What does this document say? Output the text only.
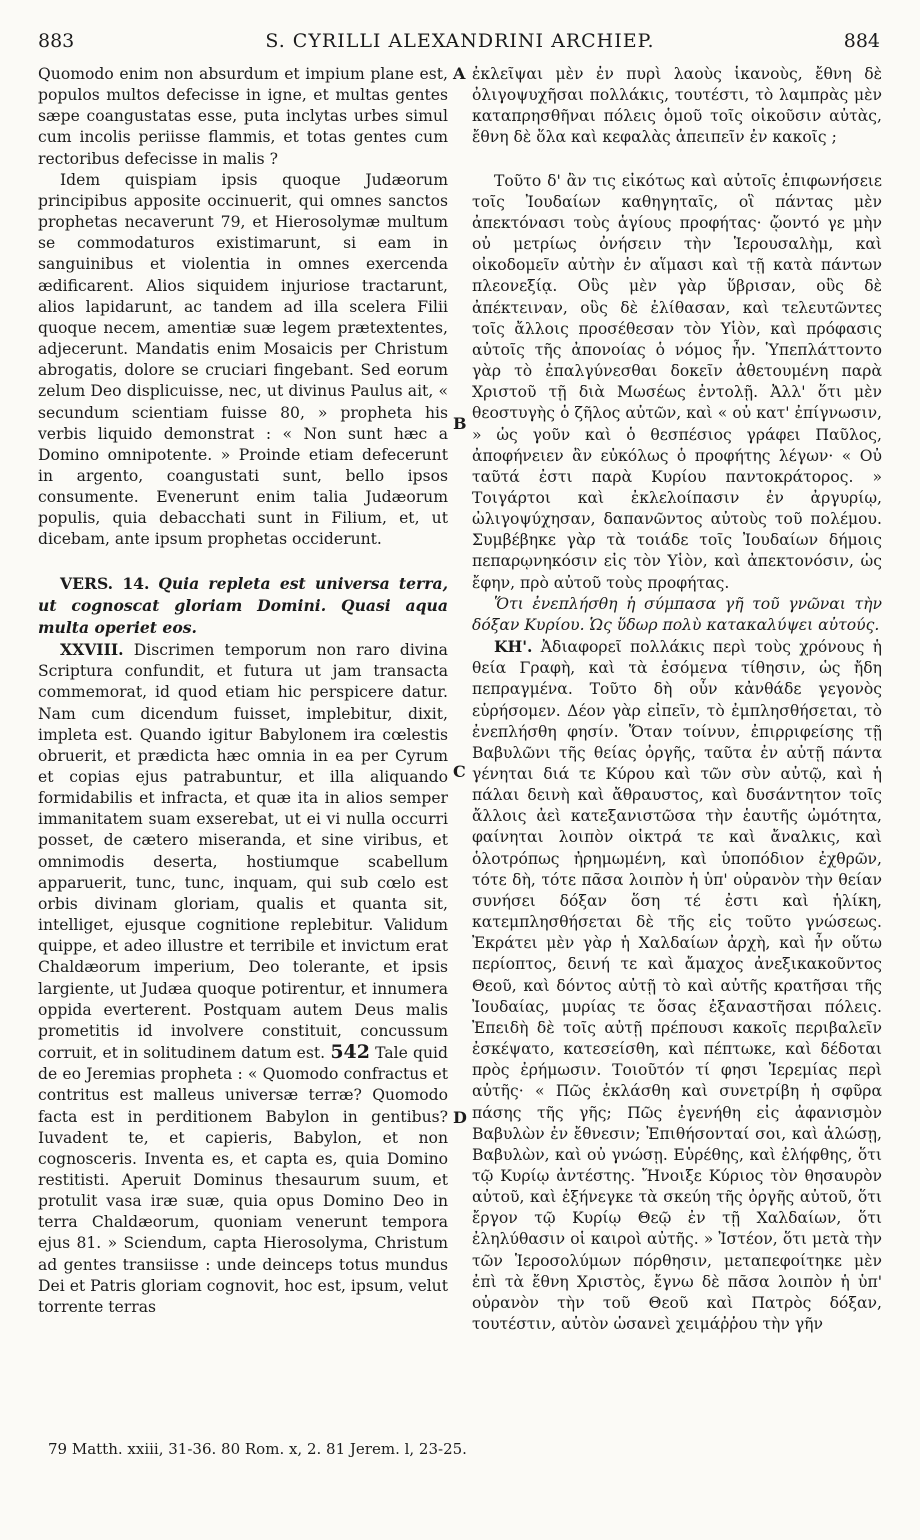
883	S. CYRILLI ALEXANDRINI ARCHIEP.	884

Quomodo enim non absurdum et impium plane est, populos multos defecisse in igne, et multas gentes sæpe coangustatas esse, puta inclytas urbes simul cum incolis periisse flammis, et totas gentes cum rectoribus defecisse in malis ?

Idem quispiam ipsis quoque Judæorum principibus apposite occinuerit, qui omnes sanctos prophetas necaverunt 79, et Hierosolymæ multum se commodaturos existimarunt, si eam in sanguinibus et violentia in omnes exercenda ædificarent. Alios siquidem injuriose tractarunt, alios lapidarunt, ac tandem ad illa scelera Filii quoque necem, amentiæ suæ legem prætextentes, adjecerunt. Mandatis enim Mosaicis per Christum abrogatis, dolore se cruciari fingebant. Sed eorum zelum Deo displicuisse, nec, ut divinus Paulus ait, « secundum scientiam fuisse 80, » propheta his verbis liquido demonstrat : « Non sunt hæc a Domino omnipotente. » Proinde etiam defecerunt in argento, coangustati sunt, bello ipsos consumente. Evenerunt enim talia Judæorum populis, quia debacchati sunt in Filium, et, ut dicebam, ante ipsum prophetas occiderunt.

VERS. 14. Quia repleta est universa terra, ut cognoscat gloriam Domini. Quasi aqua multa operiet eos.

XXVIII. Discrimen temporum non raro divina Scriptura confundit, et futura ut jam transacta commemorat, id quod etiam hic perspicere datur. Nam cum dicendum fuisset, implebitur, dixit, impleta est. Quando igitur Babylonem ira cœlestis obruerit, et prædicta hæc omnia in ea per Cyrum et copias ejus patrabuntur, et illa aliquando formidabilis et infracta, et quæ ita in alios semper immanitatem suam exserebat, ut ei vi nulla occurri posset, de cætero miseranda, et sine viribus, et omnimodis deserta, hostiumque scabellum apparuerit, tunc, tunc, inquam, qui sub cœlo est orbis divinam gloriam, qualis et quanta sit, intelliget, ejusque cognitione replebitur. Validum quippe, et adeo illustre et terribile et invictum erat Chaldæorum imperium, Deo tolerante, et ipsis largiente, ut Judæa quoque potirentur, et innumera oppida everterent. Postquam autem Deus malis prometitis id involvere constituit, concussum corruit, et in solitudinem datum est. 542 Tale quid de eo Jeremias propheta : « Quomodo confractus et contritus est malleus universæ terræ? Quomodo facta est in perditionem Babylon in gentibus? Iuvadent te, et capieris, Babylon, et non cognosceris. Inventa es, et capta es, quia Domino restitisti. Aperuit Dominus thesaurum suum, et protulit vasa iræ suæ, quia opus Domino Deo in terra Chaldæorum, quoniam venerunt tempora ejus 81. » Sciendum, capta Hierosolyma, Christum ad gentes transiisse : unde deinceps totus mundus Dei et Patris gloriam cognovit, hoc est, ipsum, velut torrente terras

A
B
C
D

ἐκλεῖψαι μὲν ἐν πυρὶ λαοὺς ἱκανοὺς, ἔθνη δὲ ὀλιγοψυχῆσαι πολλάκις, τουτέστι, τὸ λαμπρὰς μὲν καταπρησθῆναι πόλεις ὁμοῦ τοῖς οἰκοῦσιν αὐτὰς, ἔθνη δὲ ὅλα καὶ κεφαλὰς ἀπειπεῖν ἐν κακοῖς ;

Τοῦτο δ' ἂν τις εἰκότως καὶ αὐτοῖς ἐπιφωνήσειε τοῖς Ἰουδαίων καθηγηταῖς, οἳ πάντας μὲν ἀπεκτόνασι τοὺς ἁγίους προφήτας· ᾤοντό γε μὴν οὐ μετρίως ὀνήσειν τὴν Ἱερουσαλὴμ, καὶ οἰκοδομεῖν αὐτὴν ἐν αἵμασι καὶ τῇ κατὰ πάντων πλεονεξίᾳ. Οὓς μὲν γὰρ ὕβρισαν, οὓς δὲ ἀπέκτειναν, οὓς δὲ ἐλίθασαν, καὶ τελευτῶντες τοῖς ἄλλοις προσέθεσαν τὸν Υἱὸν, καὶ πρόφασις αὐτοῖς τῆς ἀπονοίας ὁ νόμος ἦν. Ὑπεπλάττοντο γὰρ τὸ ἐπαλγύνεσθαι δοκεῖν ἀθετουμένη παρὰ Χριστοῦ τῇ διὰ Μωσέως ἐντολῇ. Ἀλλ' ὅτι μὲν θεοστυγὴς ὁ ζῆλος αὐτῶν, καὶ « οὐ κατ' ἐπίγνωσιν, » ὡς γοῦν καὶ ὁ θεσπέσιος γράφει Παῦλος, ἀποφήνειεν ἂν εὐκόλως ὁ προφήτης λέγων· « Οὐ ταῦτά ἐστι παρὰ Κυρίου παντοκράτορος. » Τοιγάρτοι καὶ ἐκλελοίπασιν ἐν ἀργυρίῳ, ὠλιγοψύχησαν, δαπανῶντος αὐτοὺς τοῦ πολέμου. Συμβέβηκε γὰρ τὰ τοιάδε τοῖς Ἰουδαίων δήμοις πεπαρῳνηκόσιν εἰς τὸν Υἱὸν, καὶ ἀπεκτονόσιν, ὡς ἔφην, πρὸ αὐτοῦ τοὺς προφήτας.

Ὅτι ἐνεπλήσθη ἡ σύμπασα γῆ τοῦ γνῶναι τὴν δόξαν Κυρίου. Ὡς ὕδωρ πολὺ κατακαλύψει αὐτούς.

ΚΗ'. Ἀδιαφορεῖ πολλάκις περὶ τοὺς χρόνους ἡ θεία Γραφὴ, καὶ τὰ ἐσόμενα τίθησιν, ὡς ἤδη πεπραγμένα. Τοῦτο δὴ οὖν κἀνθάδε γεγονὸς εὑρήσομεν. Δέον γὰρ εἰπεῖν, τὸ ἐμπλησθήσεται, τὸ ἐνεπλήσθη φησίν. Ὅταν τοίνυν, ἐπιρριφείσης τῇ Βαβυλῶνι τῆς θείας ὀργῆς, ταῦτα ἐν αὐτῇ πάντα γένηται διά τε Κύρου καὶ τῶν σὺν αὐτῷ, καὶ ἡ πάλαι δεινὴ καὶ ἄθραυστος, καὶ δυσάντητον τοῖς ἄλλοις ἀεὶ κατεξανιστῶσα τὴν ἑαυτῆς ὠμότητα, φαίνηται λοιπὸν οἰκτρά τε καὶ ἄναλκις, καὶ ὁλοτρόπως ἠρημωμένη, καὶ ὑποπόδιον ἐχθρῶν, τότε δὴ, τότε πᾶσα λοιπὸν ἡ ὑπ' οὐρανὸν τὴν θείαν συνήσει δόξαν ὅση τέ ἐστι καὶ ἡλίκη, κατεμπλησθήσεται δὲ τῆς εἰς τοῦτο γνώσεως. Ἐκράτει μὲν γὰρ ἡ Χαλδαίων ἀρχὴ, καὶ ἦν οὕτω περίοπτος, δεινή τε καὶ ἄμαχος ἀνεξικακοῦντος Θεοῦ, καὶ δόντος αὐτῇ τὸ καὶ αὐτῆς κρατῆσαι τῆς Ἰουδαίας, μυρίας τε ὅσας ἐξαναστῆσαι πόλεις. Ἐπειδὴ δὲ τοῖς αὐτῇ πρέπουσι κακοῖς περιβαλεῖν ἐσκέψατο, κατεσείσθη, καὶ πέπτωκε, καὶ δέδοται πρὸς ἐρήμωσιν. Τοιοῦτόν τί φησι Ἱερεμίας περὶ αὐτῆς· « Πῶς ἐκλάσθη καὶ συνετρίβη ἡ σφῦρα πάσης τῆς γῆς; Πῶς ἐγενήθη εἰς ἀφανισμὸν Βαβυλὼν ἐν ἔθνεσιν; Ἐπιθήσονταί σοι, καὶ ἁλώσῃ, Βαβυλὼν, καὶ οὐ γνώσῃ. Εὑρέθης, καὶ ἐλήφθης, ὅτι τῷ Κυρίῳ ἀντέστης. Ἤνοιξε Κύριος τὸν θησαυρὸν αὐτοῦ, καὶ ἐξήνεγκε τὰ σκεύη τῆς ὀργῆς αὐτοῦ, ὅτι ἔργον τῷ Κυρίῳ Θεῷ ἐν τῇ Χαλδαίων, ὅτι ἐληλύθασιν οἱ καιροὶ αὐτῆς. » Ἰστέον, ὅτι μετὰ τὴν τῶν Ἱεροσολύμων πόρθησιν, μεταπεφοίτηκε μὲν ἐπὶ τὰ ἔθνη Χριστὸς, ἔγνω δὲ πᾶσα λοιπὸν ἡ ὑπ' οὐρανὸν τὴν τοῦ Θεοῦ καὶ Πατρὸς δόξαν, τουτέστιν, αὐτὸν ὡσανεὶ χειμάῤῥου τὴν γῆν

79 Matth. xxiii, 31-36. 80 Rom. x, 2. 81 Jerem. l, 23-25.
